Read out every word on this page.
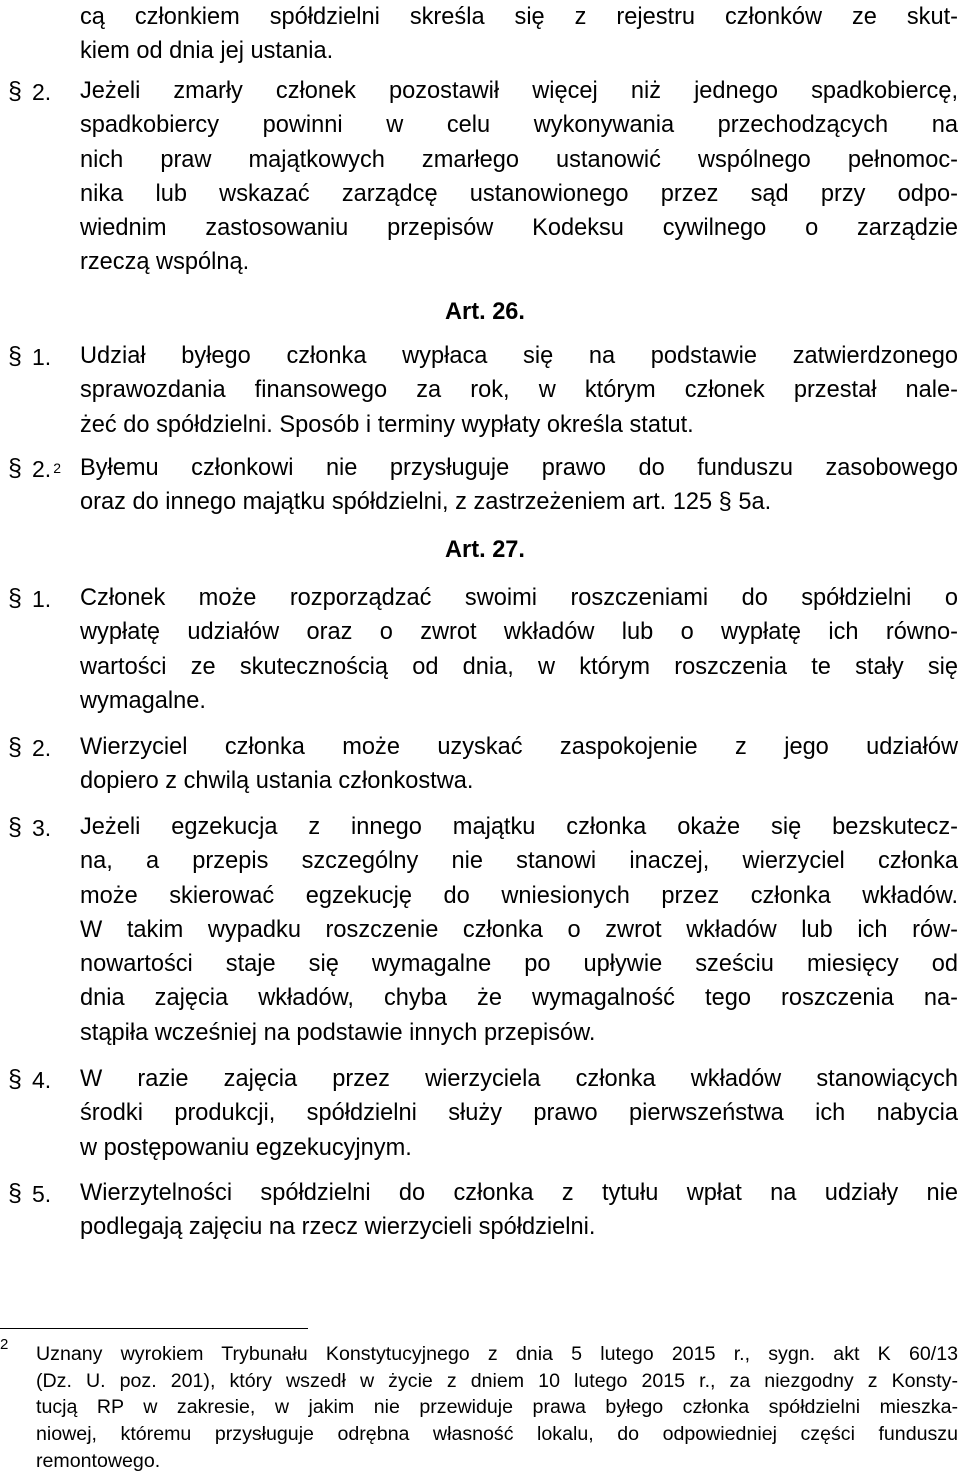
cą członkiem spółdzielni skreśla się z rejestru członków ze skut-
kiem od dnia jej ustania.
§ 2. Jeżeli zmarły członek pozostawił więcej niż jednego spadkobiercę,
spadkobiercy powinni w celu wykonywania przechodzących na
nich praw majątkowych zmarłego ustanowić wspólnego pełnomoc-
nika lub wskazać zarządcę ustanowionego przez sąd przy odpo-
wiednim zastosowaniu przepisów Kodeksu cywilnego o zarządzie
rzeczą wspólną.
Art. 26.
§ 1. Udział byłego członka wypłaca się na podstawie zatwierdzonego
sprawozdania finansowego za rok, w którym członek przestał nale-
żeć do spółdzielni. Sposób i terminy wypłaty określa statut.
§ 2. $^2$ Byłemu członkowi nie przysługuje prawo do funduszu zasobowego
oraz do innego majątku spółdzielni, z zastrzeżeniem art. 125 § 5a.
Art. 27.
§ 1. Członek może rozporządzać swoimi roszczeniami do spółdzielni o
wypłatę udziałów oraz o zwrot wkładów lub o wypłatę ich równo-
wartości ze skutecznością od dnia, w którym roszczenia te stały się
wymagalne.
§ 2. Wierzyciel członka może uzyskać zaspokojenie z jego udziałów
dopiero z chwilą ustania członkostwa.
§ 3. Jeżeli egzekucja z innego majątku członka okaże się bezskutecz-
na, a przepis szczególny nie stanowi inaczej, wierzyciel członka
może skierować egzekucję do wniesionych przez członka wkładów.
W takim wypadku roszczenie członka o zwrot wkładów lub ich rów-
nowartości staje się wymagalne po upływie sześciu miesięcy od
dnia zajęcia wkładów, chyba że wymagalność tego roszczenia na-
stąpiła wcześniej na podstawie innych przepisów.
§ 4. W razie zajęcia przez wierzyciela członka wkładów stanowiących
środki produkcji, spółdzielni służy prawo pierwszeństwa ich nabycia
w postępowaniu egzekucyjnym.
§ 5. Wierzytelności spółdzielni do członka z tytułu wpłat na udziały nie
podlegają zajęciu na rzecz wierzycieli spółdzielni.
2 Uznany wyrokiem Trybunału Konstytucyjnego z dnia 5 lutego 2015 r., sygn. akt K 60/13
(Dz. U. poz. 201), który wszedł w życie z dniem 10 lutego 2015 r., za niezgodny z Konsty-
tucją RP w zakresie, w jakim nie przewiduje prawa byłego członka spółdzielni mieszka-
niowej, któremu przysługuje odrębna własność lokalu, do odpowiedniej części funduszu
remontowego.
